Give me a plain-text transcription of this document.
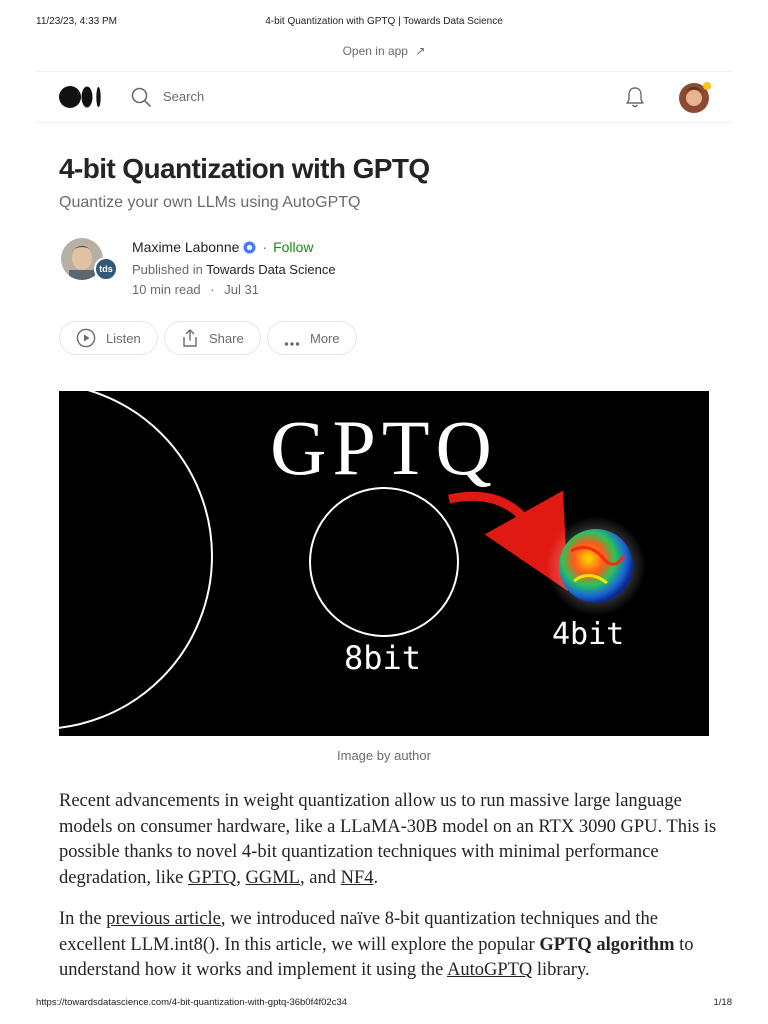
11/23/23, 4:33 PM	4-bit Quantization with GPTQ | Towards Data Science
Open in app ↗
Search
4-bit Quantization with GPTQ
Quantize your own LLMs using AutoGPTQ
tds
Maxime Labonne · Follow
Published in Towards Data Science
10 min read · Jul 31
Listen	Share	More
GPTQ
8bit
4bit
Image by author

Recent advancements in weight quantization allow us to run massive large language models on consumer hardware, like a LLaMA-30B model on an RTX 3090 GPU. This is possible thanks to novel 4-bit quantization techniques with minimal performance degradation, like GPTQ, GGML, and NF4.

In the previous article, we introduced naïve 8-bit quantization techniques and the excellent LLM.int8(). In this article, we will explore the popular GPTQ algorithm to understand how it works and implement it using the AutoGPTQ library.

https://towardsdatascience.com/4-bit-quantization-with-gptq-36b0f4f02c34	1/18
